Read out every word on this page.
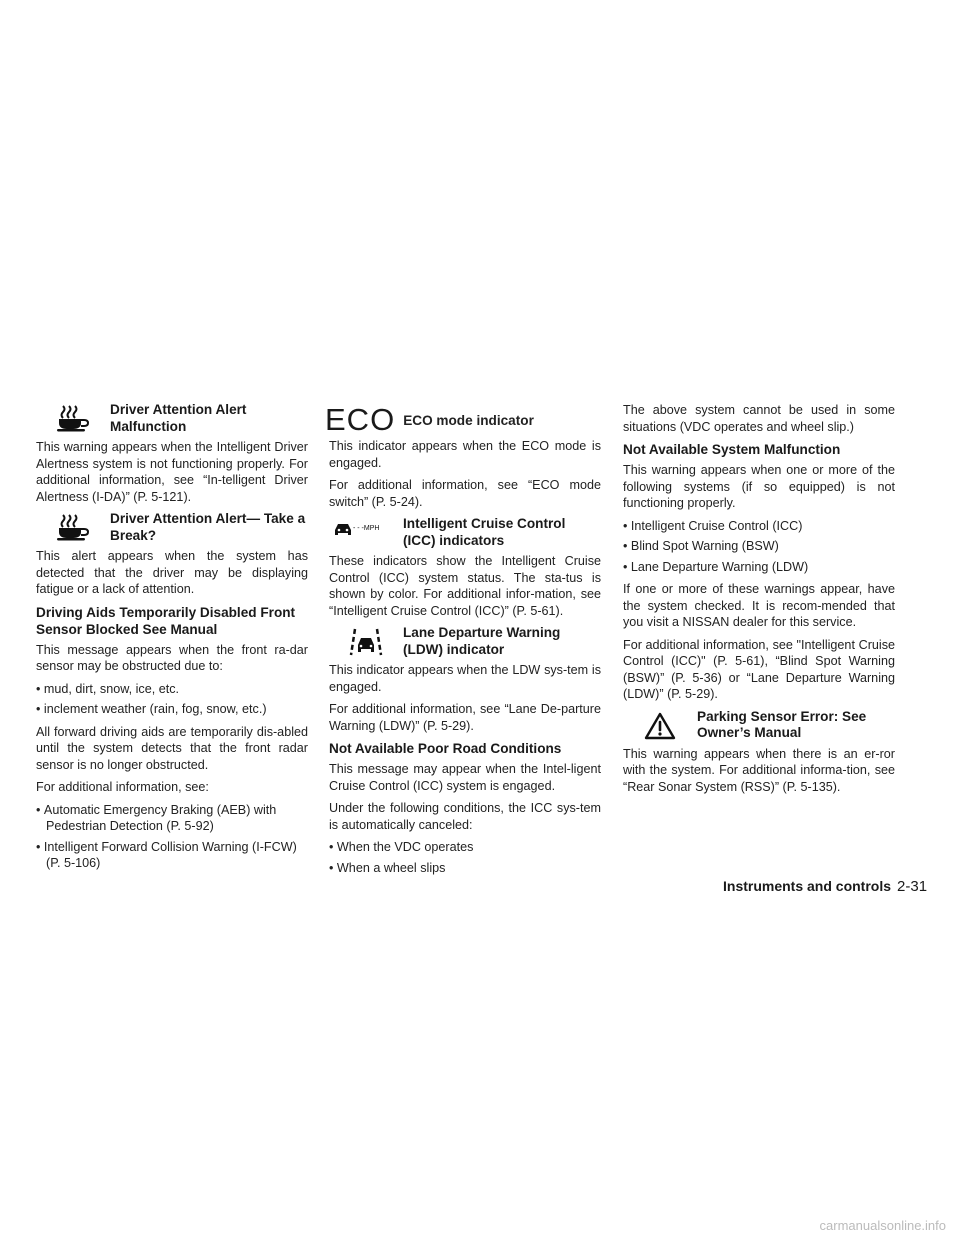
Driver Attention Alert Malfunction

This warning appears when the Intelligent Driver Alertness system is not functioning properly. For additional information, see “In-telligent Driver Alertness (I-DA)” (P. 5-121).

Driver Attention Alert— Take a Break?

This alert appears when the system has detected that the driver may be displaying fatigue or a lack of attention.

Driving Aids Temporarily Disabled Front Sensor Blocked See Manual

This message appears when the front ra-dar sensor may be obstructed due to:

• mud, dirt, snow, ice, etc.
• inclement weather (rain, fog, snow, etc.)

All forward driving aids are temporarily dis-abled until the system detects that the front radar sensor is no longer obstructed.

For additional information, see:

• Automatic Emergency Braking (AEB) with Pedestrian Detection (P. 5-92)
• Intelligent Forward Collision Warning (I-FCW) (P. 5-106)
ECO ECO mode indicator

This indicator appears when the ECO mode is engaged.

For additional information, see “ECO mode switch” (P. 5-24).

- - -MPH Intelligent Cruise Control (ICC) indicators

These indicators show the Intelligent Cruise Control (ICC) system status. The sta-tus is shown by color. For additional infor-mation, see “Intelligent Cruise Control (ICC)” (P. 5-61).

Lane Departure Warning (LDW) indicator

This indicator appears when the LDW sys-tem is engaged.

For additional information, see “Lane De-parture Warning (LDW)” (P. 5-29).

Not Available Poor Road Conditions

This message may appear when the Intel-ligent Cruise Control (ICC) system is engaged.

Under the following conditions, the ICC sys-tem is automatically canceled:

• When the VDC operates
• When a wheel slips

The above system cannot be used in some situations (VDC operates and wheel slip.)

Not Available System Malfunction

This warning appears when one or more of the following systems (if so equipped) is not functioning properly.

• Intelligent Cruise Control (ICC)
• Blind Spot Warning (BSW)
• Lane Departure Warning (LDW)

If one or more of these warnings appear, have the system checked. It is recom-mended that you visit a NISSAN dealer for this service.

For additional information, see "Intelligent Cruise Control (ICC)" (P. 5-61), “Blind Spot Warning (BSW)” (P. 5-36) or “Lane Departure Warning (LDW)” (P. 5-29).

Parking Sensor Error: See Owner’s Manual

This warning appears when there is an er-ror with the system. For additional informa-tion, see “Rear Sonar System (RSS)” (P. 5-135).

Instruments and controls 2-31
carmanualsonline.info
